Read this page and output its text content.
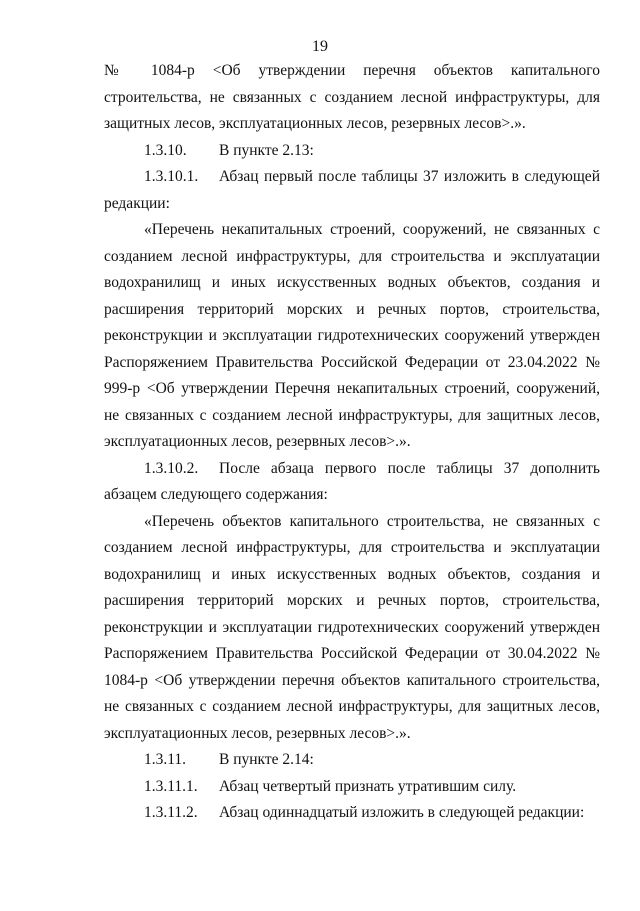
19

№ 1084-р <Об утверждении перечня объектов капитального строительства, не связанных с созданием лесной инфраструктуры, для защитных лесов, эксплуатационных лесов, резервных лесов>.».

1.3.10. В пункте 2.13:

1.3.10.1. Абзац первый после таблицы 37 изложить в следующей редакции:

«Перечень некапитальных строений, сооружений, не связанных с созданием лесной инфраструктуры, для строительства и эксплуатации водохранилищ и иных искусственных водных объектов, создания и расширения территорий морских и речных портов, строительства, реконструкции и эксплуатации гидротехнических сооружений утвержден Распоряжением Правительства Российской Федерации от 23.04.2022 № 999-р <Об утверждении Перечня некапитальных строений, сооружений, не связанных с созданием лесной инфраструктуры, для защитных лесов, эксплуатационных лесов, резервных лесов>.».

1.3.10.2. После абзаца первого после таблицы 37 дополнить абзацем следующего содержания:

«Перечень объектов капитального строительства, не связанных с созданием лесной инфраструктуры, для строительства и эксплуатации водохранилищ и иных искусственных водных объектов, создания и расширения территорий морских и речных портов, строительства, реконструкции и эксплуатации гидротехнических сооружений утвержден Распоряжением Правительства Российской Федерации от 30.04.2022 № 1084-р <Об утверждении перечня объектов капитального строительства, не связанных с созданием лесной инфраструктуры, для защитных лесов, эксплуатационных лесов, резервных лесов>.».

1.3.11. В пункте 2.14:

1.3.11.1. Абзац четвертый признать утратившим силу.

1.3.11.2. Абзац одиннадцатый изложить в следующей редакции:
